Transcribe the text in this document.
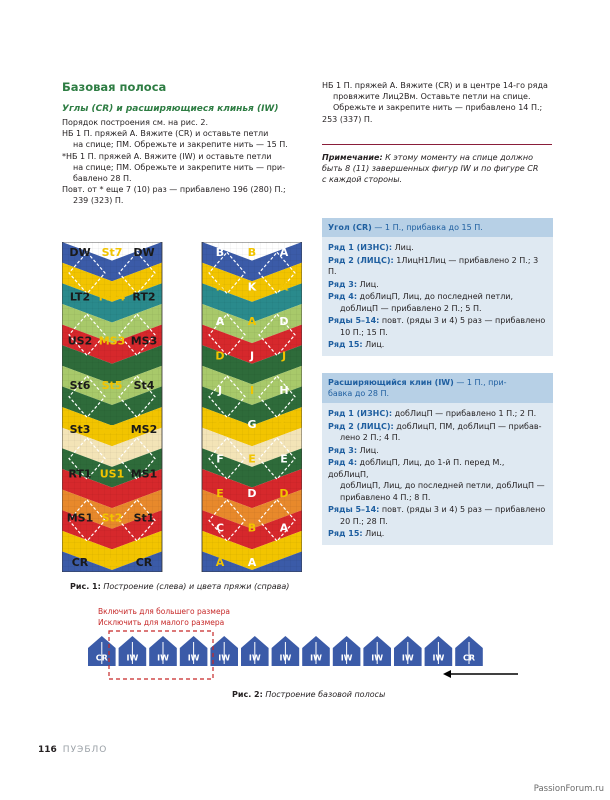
Базовая полоса
Углы (CR) и расширяющиеся клинья (IW)

Порядок построения см. на рис. 2.

НБ 1 П. пряжей А. Вяжите (CR) и оставьте петли

на спице; ПМ. Обрежьте и закрепите нить — 15 П.

*НБ 1 П. пряжей А. Вяжите (IW) и оставьте петли

на спице; ПМ. Обрежьте и закрепите нить — при-

бавлено 28 П.

Повт. от * еще 7 (10) раз — прибавлено 196 (280) П.;

239 (323) П.

НБ 1 П. пряжей А. Вяжите (CR) и в центре 14-го ряда

провяжите Лиц2Вм. Оставьте петли на спице.

Обрежьте и закрепите нить — прибавлено 14 П.;

253 (337) П.

Примечание: К этому моменту на спице должно
быть 8 (11) завершенных фигур IW и по фигуре CR
с каждой стороны.
Угол (CR) — 1 П., прибавка до 15 П.
Ряд 1 (ИЗНС): Лиц.
Ряд 2 (ЛИЦС): 1ЛицН1Лиц — прибавлено 2 П.; 3 П.
Ряд 3: Лиц.
Ряд 4: добЛицП, Лиц, до последней петли,
добЛицП — прибавлено 2 П.; 5 П.
Ряды 5–14: повт. (ряды 3 и 4) 5 раз — прибавлено
10 П.; 15 П.
Ряд 15: Лиц.
Расширяющийся клин (IW) — 1 П., при-
бавка до 28 П.
Ряд 1 (ИЗНС): добЛицП — прибавлено 1 П.; 2 П.
Ряд 2 (ЛИЦС): добЛицП, ПМ, добЛицП — прибав-
лено 2 П.; 4 П.
Ряд 3: Лиц.
Ряд 4: добЛицП, Лиц, до 1-й П. перед М., добЛицП,
добЛицП, Лиц, до последней петли, добЛицП —
прибавлено 4 П.; 8 П.
Ряды 5–14: повт. (ряды 3 и 4) 5 раз — прибавлено
20 П.; 28 П.
Ряд 15: Лиц.
DW St7 DW
LT2 MS4 RT2
US2 MS3 MS3
St6 St5 St4
St3 LT1 MS2
RT1 US1 MS1
MS1 St2 St1
CR IW CR
B B A
K K K
A A D
D J	J
J	I H
G G F
F E E
E D D
C B A
A A
Рис. 1: Построение (слева) и цвета пряжи (справа)
Включить для большего размера
Исключить для малого размера
CR IW IW IW IW IW IW IW IW IW IW IW CR
Рис. 2: Построение базовой полосы
116 ПУЭБЛО
PassionForum.ru
